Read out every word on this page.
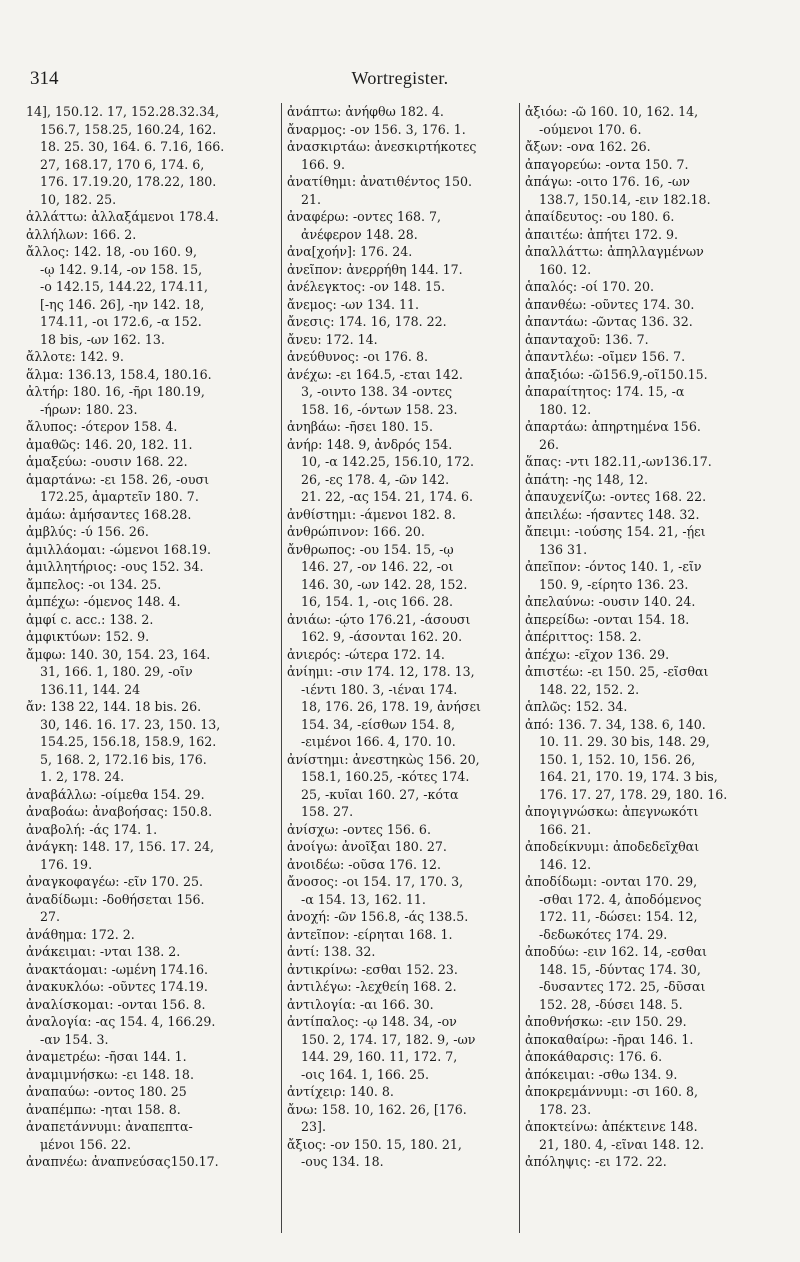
314	Wortregister.
14], 150.12. 17, 152.28.32.34,
156.7, 158.25, 160.24, 162.
18. 25. 30, 164. 6. 7.16, 166.
27, 168.17, 170 6, 174. 6,
176. 17.19.20, 178.22, 180.
10, 182. 25.
ἀλλάττω: ἀλλαξάμενοι 178.4.
ἀλλήλων: 166. 2.
ἄλλος: 142. 18, -ου 160. 9,
-ῳ 142. 9.14, -ον 158. 15,
-ο 142.15, 144.22, 174.11,
[-ης 146. 26], -ην 142. 18,
174.11, -οι 172.6, -α 152.
18 bis, -ων 162. 13.
ἄλλοτε: 142. 9.
ἅλμα: 136.13, 158.4, 180.16.
ἀλτήρ: 180. 16, -ῆρι 180.19,
-ήρων: 180. 23.
ἄλυπος: -ότερον 158. 4.
ἀμαθῶς: 146. 20, 182. 11.
ἁμαξεύω: -ουσιν 168. 22.
ἁμαρτάνω: -ει 158. 26, -ουσι
172.25, ἁμαρτεῖν 180. 7.
ἀμάω: ἀμήσαντες 168.28.
ἀμβλύς: -ύ 156. 26.
ἁμιλλάομαι: -ώμενοι 168.19.
ἁμιλλητήριος: -ους 152. 34.
ἄμπελος: -οι 134. 25.
ἀμπέχω: -όμενος 148. 4.
ἀμφί c. acc.: 138. 2.
ἀμφικτύων: 152. 9.
ἄμφω: 140. 30, 154. 23, 164.
31, 166. 1, 180. 29, -οῖν
136.11, 144. 24
ἄν: 138 22, 144. 18 bis. 26.
30, 146. 16. 17. 23, 150. 13,
154.25, 156.18, 158.9, 162.
5, 168. 2, 172.16 bis, 176.
1. 2, 178. 24.
ἀναβάλλω: -οίμεθα 154. 29.
ἀναβοάω: ἀναβοήσας: 150.8.
ἀναβολή: -άς 174. 1.
ἀνάγκη: 148. 17, 156. 17. 24,
176. 19.
ἀναγκοφαγέω: -εῖν 170. 25.
ἀναδίδωμι: -δοθήσεται 156.
27.
ἀνάθημα: 172. 2.
ἀνάκειμαι: -νται 138. 2.
ἀνακτάομαι: -ωμένη 174.16.
ἀνακυκλόω: -οῦντες 174.19.
ἀναλίσκομαι: -ονται 156. 8.
ἀναλογία: -ας 154. 4, 166.29.
-αν 154. 3.
ἀναμετρέω: -ῆσαι 144. 1.
ἀναμιμνήσκω: -ει 148. 18.
ἀναπαύω: -οντος 180. 25
ἀναπέμπω: -ηται 158. 8.
ἀναπετάννυμι: ἀναπεπτα-
μένοι 156. 22.
ἀναπνέω: ἀναπνεύσας150.17.
ἀνάπτω: ἀνήφθω 182. 4.
ἄναρμος: -ον 156. 3, 176. 1.
ἀνασκιρτάω: ἀνεσκιρτήκοτες
166. 9.
ἀνατίθημι: ἀνατιθέντος 150.
21.
ἀναφέρω: -οντες 168. 7,
ἀνέφερον 148. 28.
ἀνα[χοήν]: 176. 24.
ἀνεῖπον: ἀνερρήθη 144. 17.
ἀνέλεγκτος: -ον 148. 15.
ἄνεμος: -ων 134. 11.
ἄνεσις: 174. 16, 178. 22.
ἄνευ: 172. 14.
ἀνεύθυνος: -οι 176. 8.
ἀνέχω: -ει 164.5, -εται 142.
3, -οιντο 138. 34 -οντες
158. 16, -όντων 158. 23.
ἀνηβάω: -ῆσει 180. 15.
ἀνήρ: 148. 9, ἀνδρός 154.
10, -α 142.25, 156.10, 172.
26, -ες 178. 4, -ῶν 142.
21. 22, -ας 154. 21, 174. 6.
ἀνθίστημι: -άμενοι 182. 8.
ἀνθρώπινον: 166. 20.
ἄνθρωπος: -ου 154. 15, -ῳ
146. 27, -ον 146. 22, -οι
146. 30, -ων 142. 28, 152.
16, 154. 1, -οις 166. 28.
ἀνιάω: -ῴτο 176.21, -άσουσι
162. 9, -άσονται 162. 20.
ἀνιερός: -ώτερα 172. 14.
ἀνίημι: -σιν 174. 12, 178. 13,
-ιέντι 180. 3, -ιέναι 174.
18, 176. 26, 178. 19, ἀνήσει
154. 34, -είσθων 154. 8,
-ειμένοι 166. 4, 170. 10.
ἀνίστημι: ἀνεστηκὼς 156. 20,
158.1, 160.25, -κότες 174.
25, -κυῖαι 160. 27, -κότα
158. 27.
ἀνίσχω: -οντες 156. 6.
ἀνοίγω: ἀνοῖξαι 180. 27.
ἀνοιδέω: -οῦσα 176. 12.
ἄνοσος: -οι 154. 17, 170. 3,
-α 154. 13, 162. 11.
ἀνοχή: -ῶν 156.8, -άς 138.5.
ἀντεῖπον: -είρηται 168. 1.
ἀντί: 138. 32.
ἀντικρίνω: -εσθαι 152. 23.
ἀντιλέγω: -λεχθείη 168. 2.
ἀντιλογία: -αι 166. 30.
ἀντίπαλος: -ῳ 148. 34, -ον
150. 2, 174. 17, 182. 9, -ων
144. 29, 160. 11, 172. 7,
-οις 164. 1, 166. 25.
ἀντίχειρ: 140. 8.
ἄνω: 158. 10, 162. 26, [176.
23].
ἄξιος: -ον 150. 15, 180. 21,
-ους 134. 18.
ἀξιόω: -ῶ 160. 10, 162. 14,
-ούμενοι 170. 6.
ἄξων: -ονα 162. 26.
ἀπαγορεύω: -οντα 150. 7.
ἀπάγω: -οιτο 176. 16, -ων
138.7, 150.14, -ειν 182.18.
ἀπαίδευτος: -ου 180. 6.
ἀπαιτέω: ἀπήτει 172. 9.
ἀπαλλάττω: ἀπηλλαγμένων
160. 12.
ἁπαλός: -οί 170. 20.
ἀπανθέω: -οῦντες 174. 30.
ἀπαντάω: -ῶντας 136. 32.
ἁπανταχοῦ: 136. 7.
ἀπαντλέω: -οῖμεν 156. 7.
ἀπαξιόω: -ῶ156.9,-οῖ150.15.
ἀπαραίτητος: 174. 15, -α
180. 12.
ἀπαρτάω: ἀπηρτημένα 156.
26.
ἅπας: -ντι 182.11,-ων136.17.
ἀπάτη: -ης 148, 12.
ἀπαυχενίζω: -οντες 168. 22.
ἀπειλέω: -ήσαντες 148. 32.
ἄπειμι: -ιούσης 154. 21, -ῄει
136 31.
ἀπεῖπον: -όντος 140. 1, -εῖν
150. 9, -είρητο 136. 23.
ἀπελαύνω: -ουσιν 140. 24.
ἀπερείδω: -ονται 154. 18.
ἀπέριττος: 158. 2.
ἀπέχω: -εῖχον 136. 29.
ἀπιστέω: -ει 150. 25, -εῖσθαι
148. 22, 152. 2.
ἁπλῶς: 152. 34.
ἀπό: 136. 7. 34, 138. 6, 140.
10. 11. 29. 30 bis, 148. 29,
150. 1, 152. 10, 156. 26,
164. 21, 170. 19, 174. 3 bis,
176. 17. 27, 178. 29, 180. 16.
ἀπογιγνώσκω: ἀπεγνωκότι
166. 21.
ἀποδείκνυμι: ἀποδεδεῖχθαι
146. 12.
ἀποδίδωμι: -ονται 170. 29,
-σθαι 172. 4, ἀποδόμενος
172. 11, -δώσει: 154. 12,
-δεδωκότες 174. 29.
ἀποδύω: -ειν 162. 14, -εσθαι
148. 15, -δύντας 174. 30,
-δυσαντες 172. 25, -δῦσαι
152. 28, -δύσει 148. 5.
ἀποθνήσκω: -ειν 150. 29.
ἀποκαθαίρω: -ῆραι 146. 1.
ἀποκάθαρσις: 176. 6.
ἀπόκειμαι: -σθω 134. 9.
ἀποκρεμάννυμι: -σι 160. 8,
178. 23.
ἀποκτείνω: ἀπέκτεινε 148.
21, 180. 4, -εῖναι 148. 12.
ἀπόληψις: -ει 172. 22.
